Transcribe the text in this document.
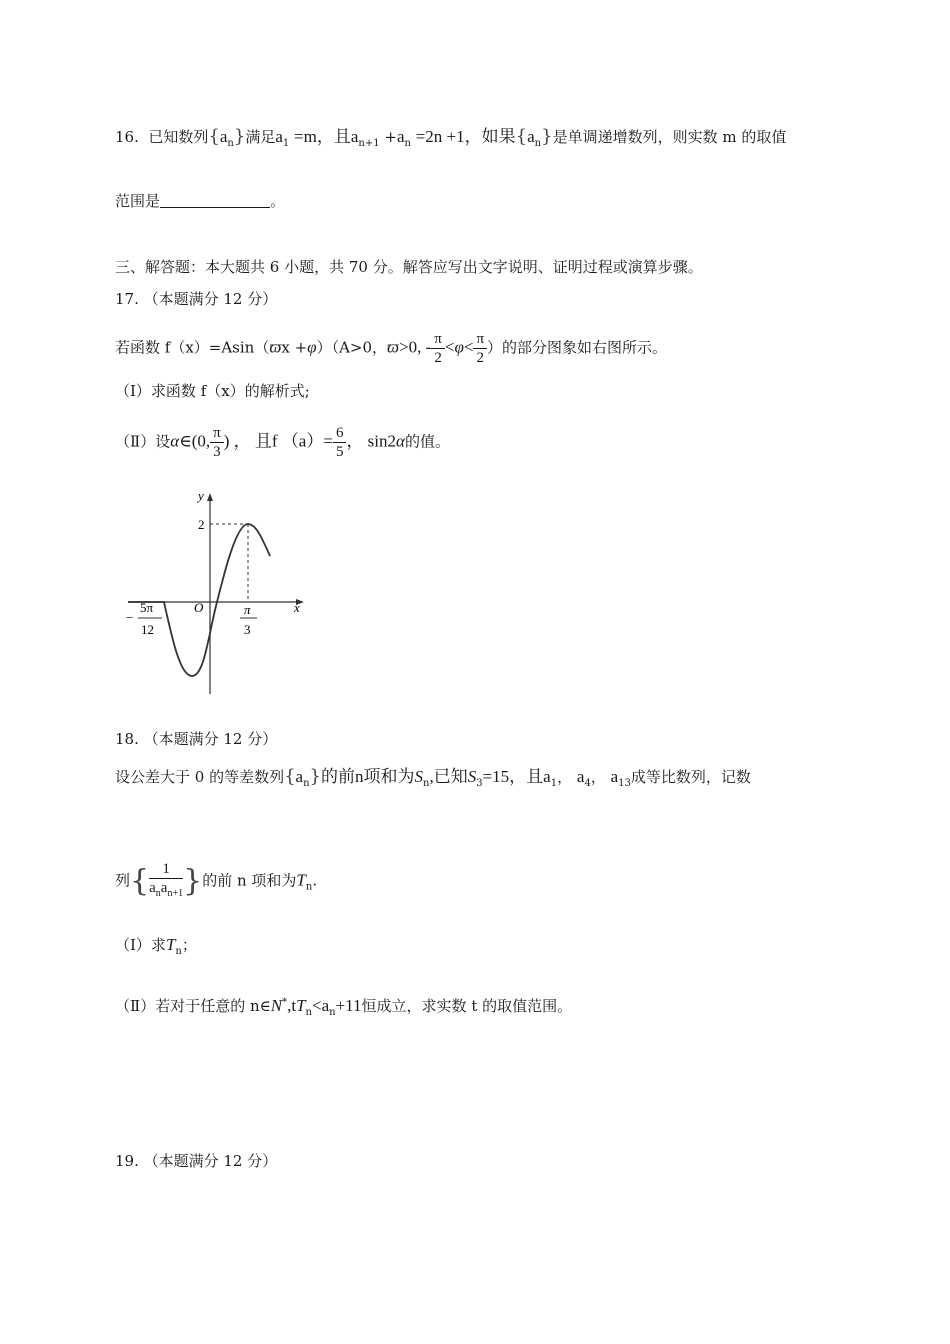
16. 已知数列$\{a_n\}$满足$a_1 =m$，且$a_{n+1} +a_n =2n +1$，如果$\{a_n\}$是单调递增数列，则实数 m 的取值
范围是	。
三、解答题：本大题共 6 小题，共 70 分。解答应写出文字说明、证明过程或演算步骤。
17. （本题满分 12 分）
若函数 f（x）=Asin（ϖx +φ）（A>0，ϖ>0, - $\frac{\pi}{2} <\varphi< \frac{\pi}{2}$ ）的部分图象如右图所示。
（Ⅰ）求函数 f（x）的解析式;
（Ⅱ）设α∈(0, $\frac{\pi}{3}$ ) ， 且f $(a)= \frac{6}{5}$ ， sin2α的值。
y
x
O
2
π
3
−
5π
12
18. （本题满分 12 分）
设公差大于 0 的等差数列$\{a_n\}$的前n项和为$S_n$,已知$S_3=15$，且$a_1$， $a_4$， $a_{13}$成等比数列，记数
列{ $\frac{1}{a_na_{n+1}}$ }的前 n 项和为$T_n$.
（Ⅰ）求$T_n$；
（Ⅱ）若对于任意的 $n\in N^*,tT_n<a_n+11$恒成立，求实数 t 的取值范围。
19. （本题满分 12 分）
